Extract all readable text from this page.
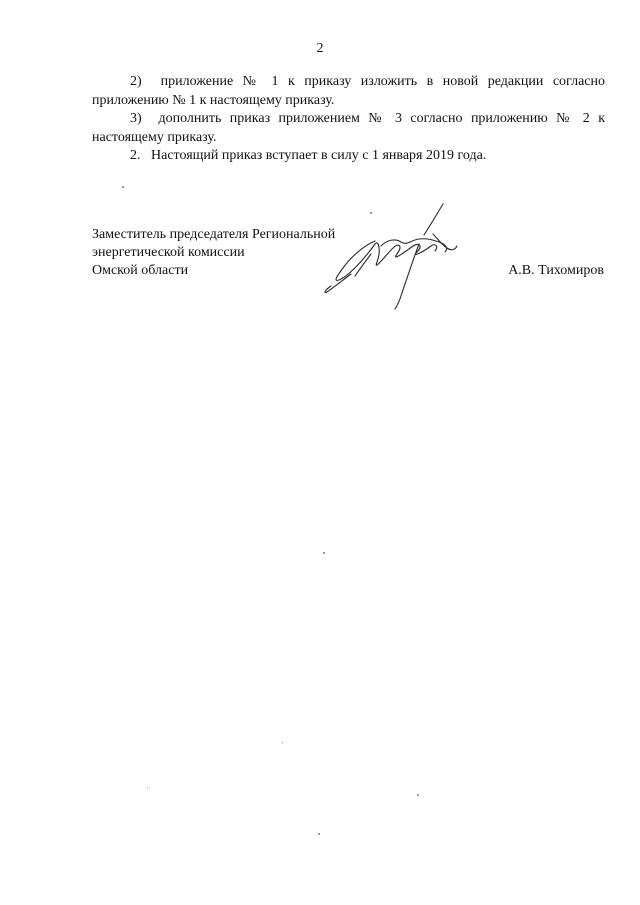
2

2)  приложение № 1 к приказу изложить в новой редакции согласно приложению № 1 к настоящему приказу.

3)  дополнить приказ приложением № 3 согласно приложению № 2 к настоящему приказу.

2.   Настоящий приказ вступает в силу с 1 января 2019 года.

Заместитель председателя Региональной
энергетической комиссии
Омской области	А.В. Тихомиров
